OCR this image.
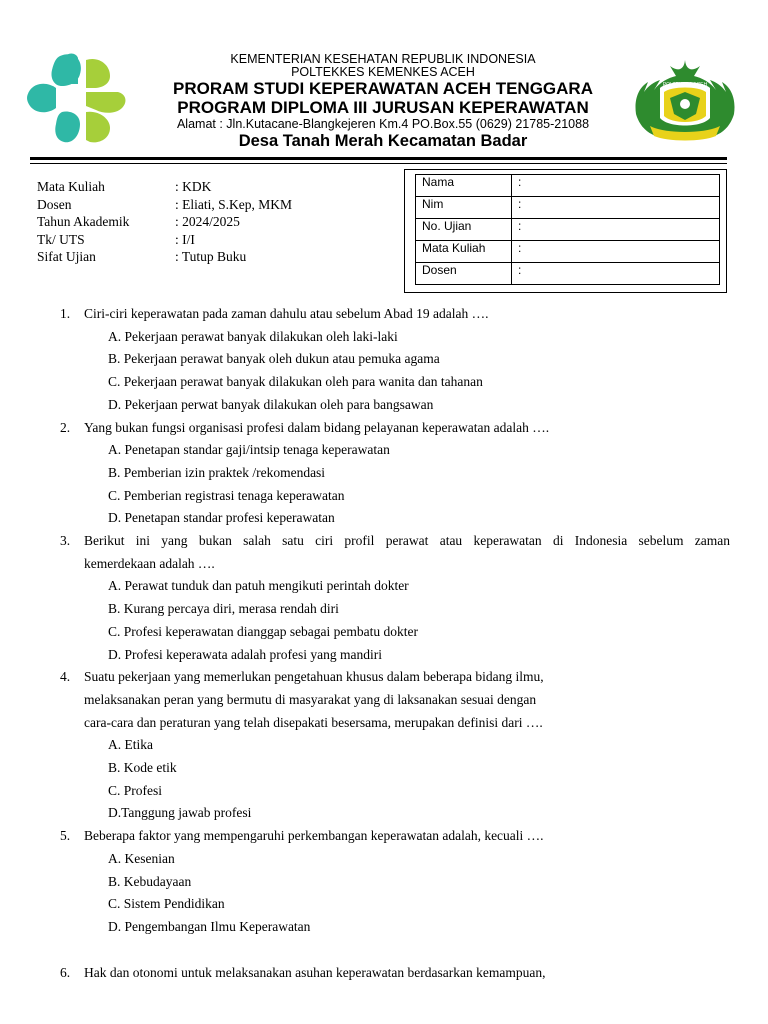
POLTEKKES ACEH
KEMENTERIAN KESEHATAN REPUBLIK INDONESIA
POLTEKKES KEMENKES ACEH
PRORAM STUDI KEPERAWATAN ACEH TENGGARA
PROGRAM DIPLOMA III JURUSAN KEPERAWATAN
Alamat : Jln.Kutacane-Blangkejeren Km.4 PO.Box.55 (0629) 21785-21088
Desa Tanah Merah Kecamatan Badar
Mata Kuliah	: KDK
Dosen	: Eliati, S.Kep, MKM
Tahun Akademik	: 2024/2025
Tk/ UTS	: I/I
Sifat Ujian	: Tutup Buku
Nama	:
Nim	:
No. Ujian	:
Mata Kuliah	:
Dosen	:
1. Ciri-ciri keperawatan pada zaman dahulu atau sebelum Abad 19 adalah ….
A. Pekerjaan perawat banyak dilakukan oleh laki-laki
B. Pekerjaan perawat banyak oleh dukun atau pemuka agama
C. Pekerjaan perawat banyak dilakukan oleh para wanita dan tahanan
D. Pekerjaan perwat banyak dilakukan oleh para bangsawan
2. Yang bukan fungsi organisasi profesi dalam bidang pelayanan keperawatan adalah ….
A. Penetapan standar gaji/intsip tenaga keperawatan
B. Pemberian izin praktek /rekomendasi
C. Pemberian registrasi tenaga keperawatan
D. Penetapan standar profesi keperawatan
3. Berikut ini yang bukan salah satu ciri profil perawat atau keperawatan di Indonesia sebelum zaman
kemerdekaan adalah ….
A. Perawat tunduk dan patuh mengikuti perintah dokter
B. Kurang percaya diri, merasa rendah diri
C. Profesi keperawatan dianggap sebagai pembatu dokter
D. Profesi keperawata adalah profesi yang mandiri
4. Suatu pekerjaan yang memerlukan pengetahuan khusus dalam beberapa bidang ilmu,
melaksanakan peran yang bermutu di masyarakat yang di laksanakan sesuai dengan
cara-cara dan peraturan yang telah disepakati besersama, merupakan definisi dari ….
A. Etika
B. Kode etik
C. Profesi
D.Tanggung jawab profesi
5. Beberapa faktor yang mempengaruhi perkembangan keperawatan adalah, kecuali ….
A. Kesenian
B. Kebudayaan
C. Sistem Pendidikan
D. Pengembangan Ilmu Keperawatan
6. Hak dan otonomi untuk melaksanakan asuhan keperawatan berdasarkan kemampuan,
